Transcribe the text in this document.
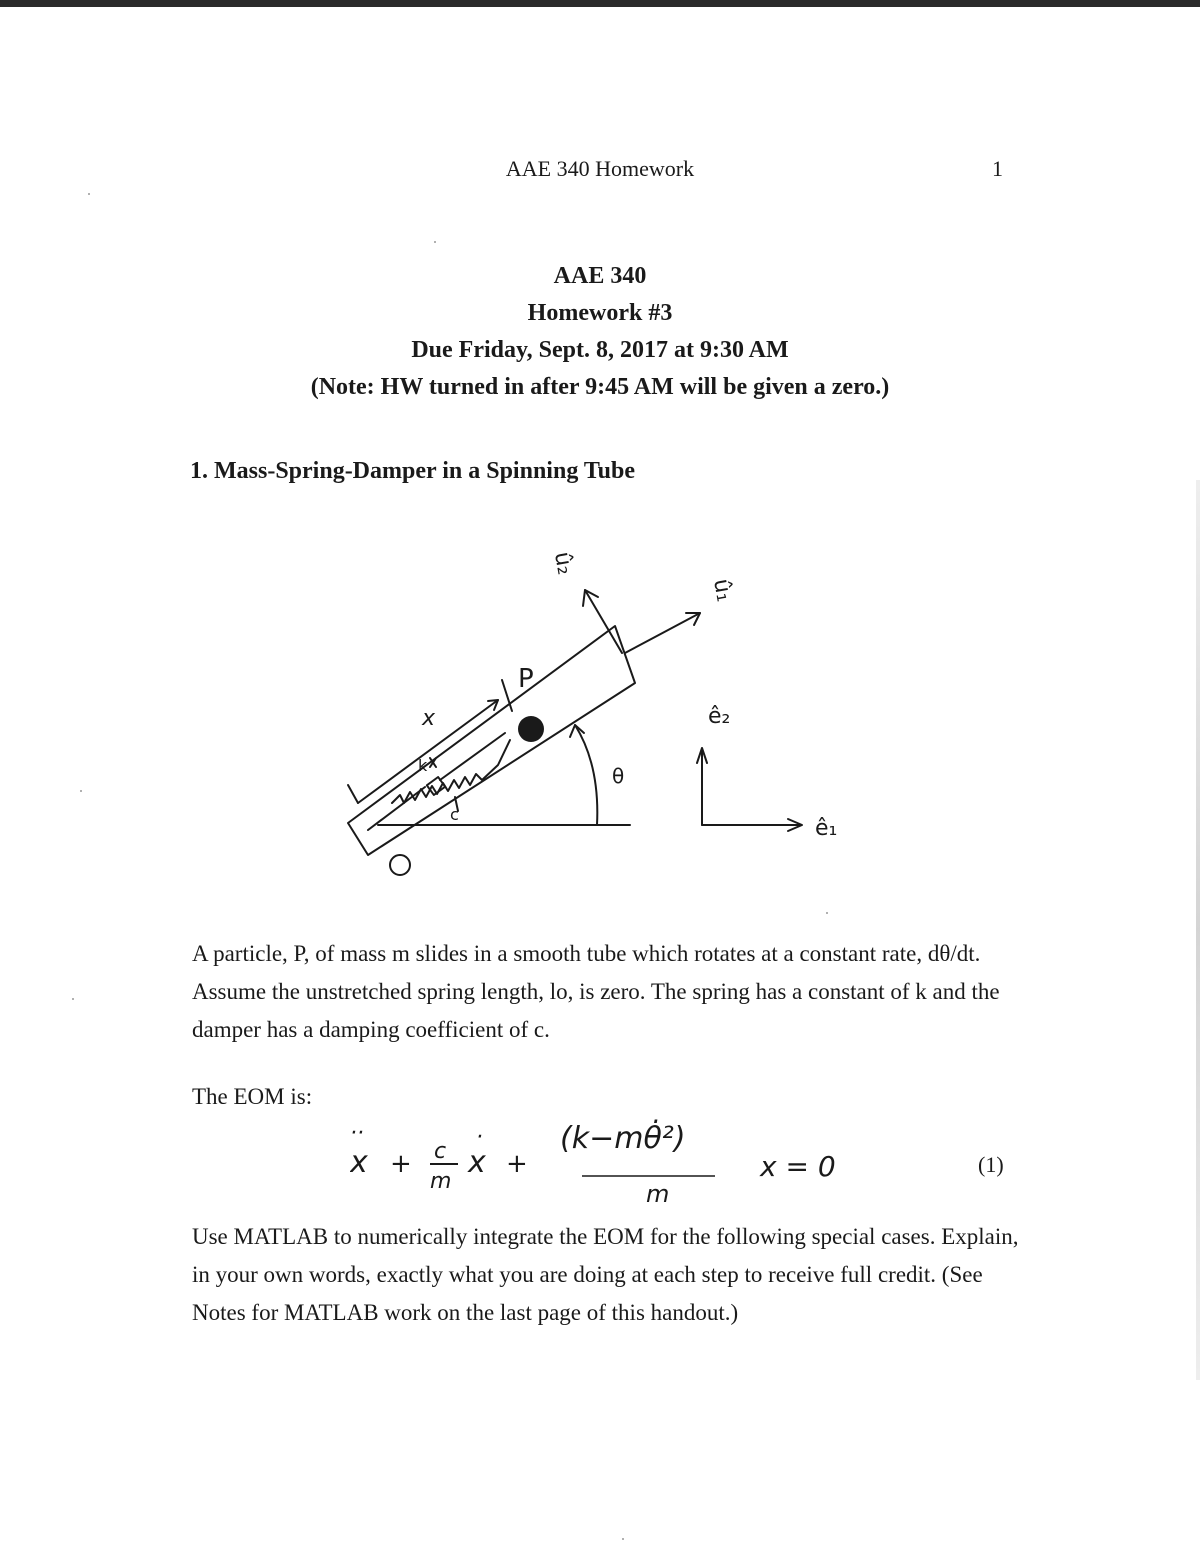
AAE 340 Homework	1
AAE 340
Homework #3
Due Friday, Sept. 8, 2017 at 9:30 AM
(Note: HW turned in after 9:45 AM will be given a zero.)
1. Mass-Spring-Damper in a Spinning Tube
û₂
û₁
P
x
k
c
θ
ê₂
ê₁
A particle, P, of mass m slides in a smooth tube which rotates at a constant rate, dθ/dt. Assume the unstretched spring length, lo, is zero. The spring has a constant of k and the damper has a damping coefficient of c.
The EOM is:
x
··
+ c
m
x
·
+
(k−mθ̇²)
m
x = 0	(1)
Use MATLAB to numerically integrate the EOM for the following special cases. Explain, in your own words, exactly what you are doing at each step to receive full credit. (See Notes for MATLAB work on the last page of this handout.)
